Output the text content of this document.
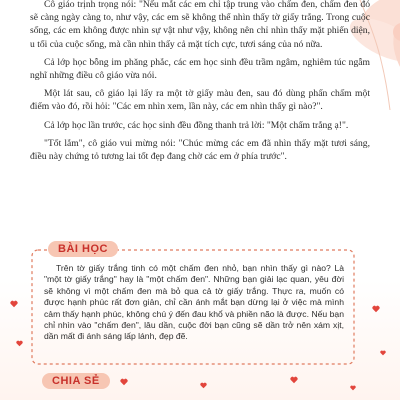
Cô giáo trịnh trọng nói: "Nếu mắt các em chỉ tập trung vào chấm đen, chấm đen đó sẽ càng ngày càng to, như vậy, các em sẽ không thể nhìn thấy tờ giấy trắng. Trong cuộc sống, các em không được nhìn sự vật như vậy, không nên chỉ nhìn thấy mặt phiến diện, u tối của cuộc sống, mà cần nhìn thấy cả mặt tích cực, tươi sáng của nó nữa.

Cả lớp học bỗng im phăng phắc, các em học sinh đều trầm ngâm, nghiêm túc ngẫm nghĩ những điều cô giáo vừa nói.

Một lát sau, cô giáo lại lấy ra một tờ giấy màu đen, sau đó dùng phấn chấm một điểm vào đó, rồi hỏi: "Các em nhìn xem, lần này, các em nhìn thấy gì nào?".

Cả lớp học lần trước, các học sinh đều đồng thanh trả lời: "Một chấm trắng ạ!".

"Tốt lắm", cô giáo vui mừng nói: "Chúc mừng các em đã nhìn thấy mặt tươi sáng, điều này chứng tỏ tương lai tốt đẹp đang chờ các em ở phía trước".

BÀI HỌC
Trên tờ giấy trắng tinh có một chấm đen nhỏ, bạn nhìn thấy gì nào? Là "một tờ giấy trắng" hay là "một chấm đen". Những bạn giải lạc quan, yêu đời sẽ không vì một chấm đen mà bỏ qua cả tờ giấy trắng. Thực ra, muốn có được hạnh phúc rất đơn giản, chỉ cần ánh mắt bạn dừng lại ở việc mà mình cảm thấy hạnh phúc, không chú ý đến đau khổ và phiền não là được. Nếu bạn chỉ nhìn vào "chấm đen", lâu dần, cuộc đời bạn cũng sẽ dần trở nên xám xịt, dần mất đi ánh sáng lấp lánh, đẹp đẽ.
CHIA SẺ
